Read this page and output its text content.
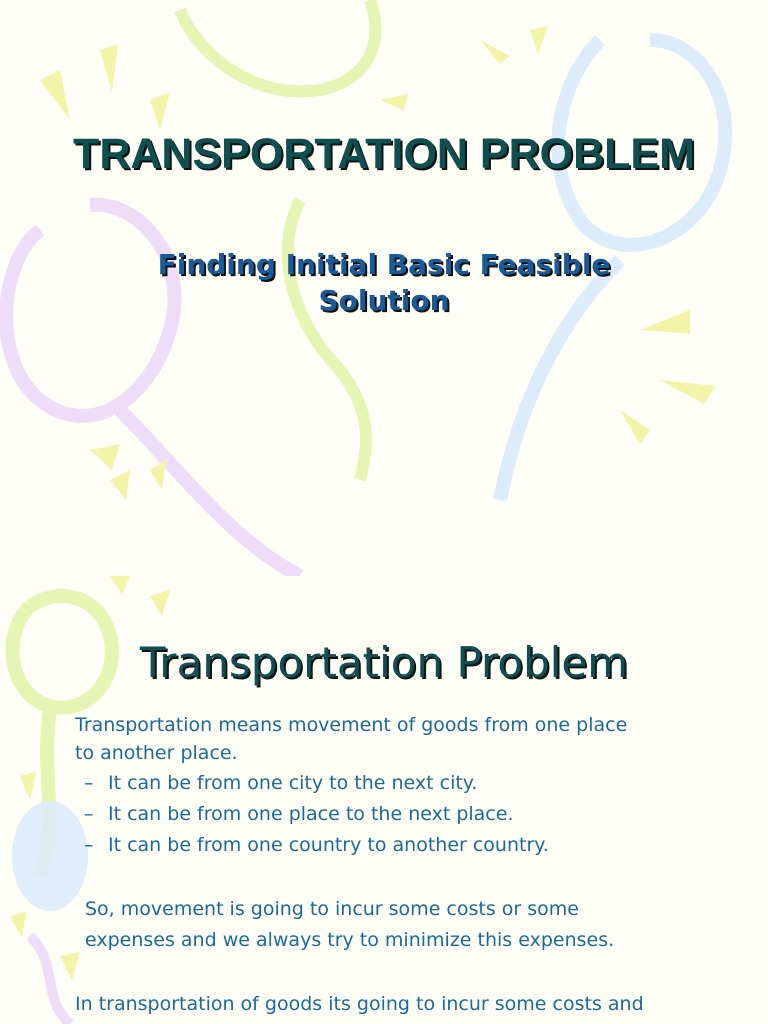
TRANSPORTATION PROBLEM
Finding Initial Basic Feasible
Solution
Transportation Problem
Transportation means movement of goods from one place
to another place.
– It can be from one city to the next city.
– It can be from one place to the next place.
– It can be from one country to another country.
So, movement is going to incur some costs or some
expenses and we always try to minimize this expenses.
In transportation of goods its going to incur some costs and
